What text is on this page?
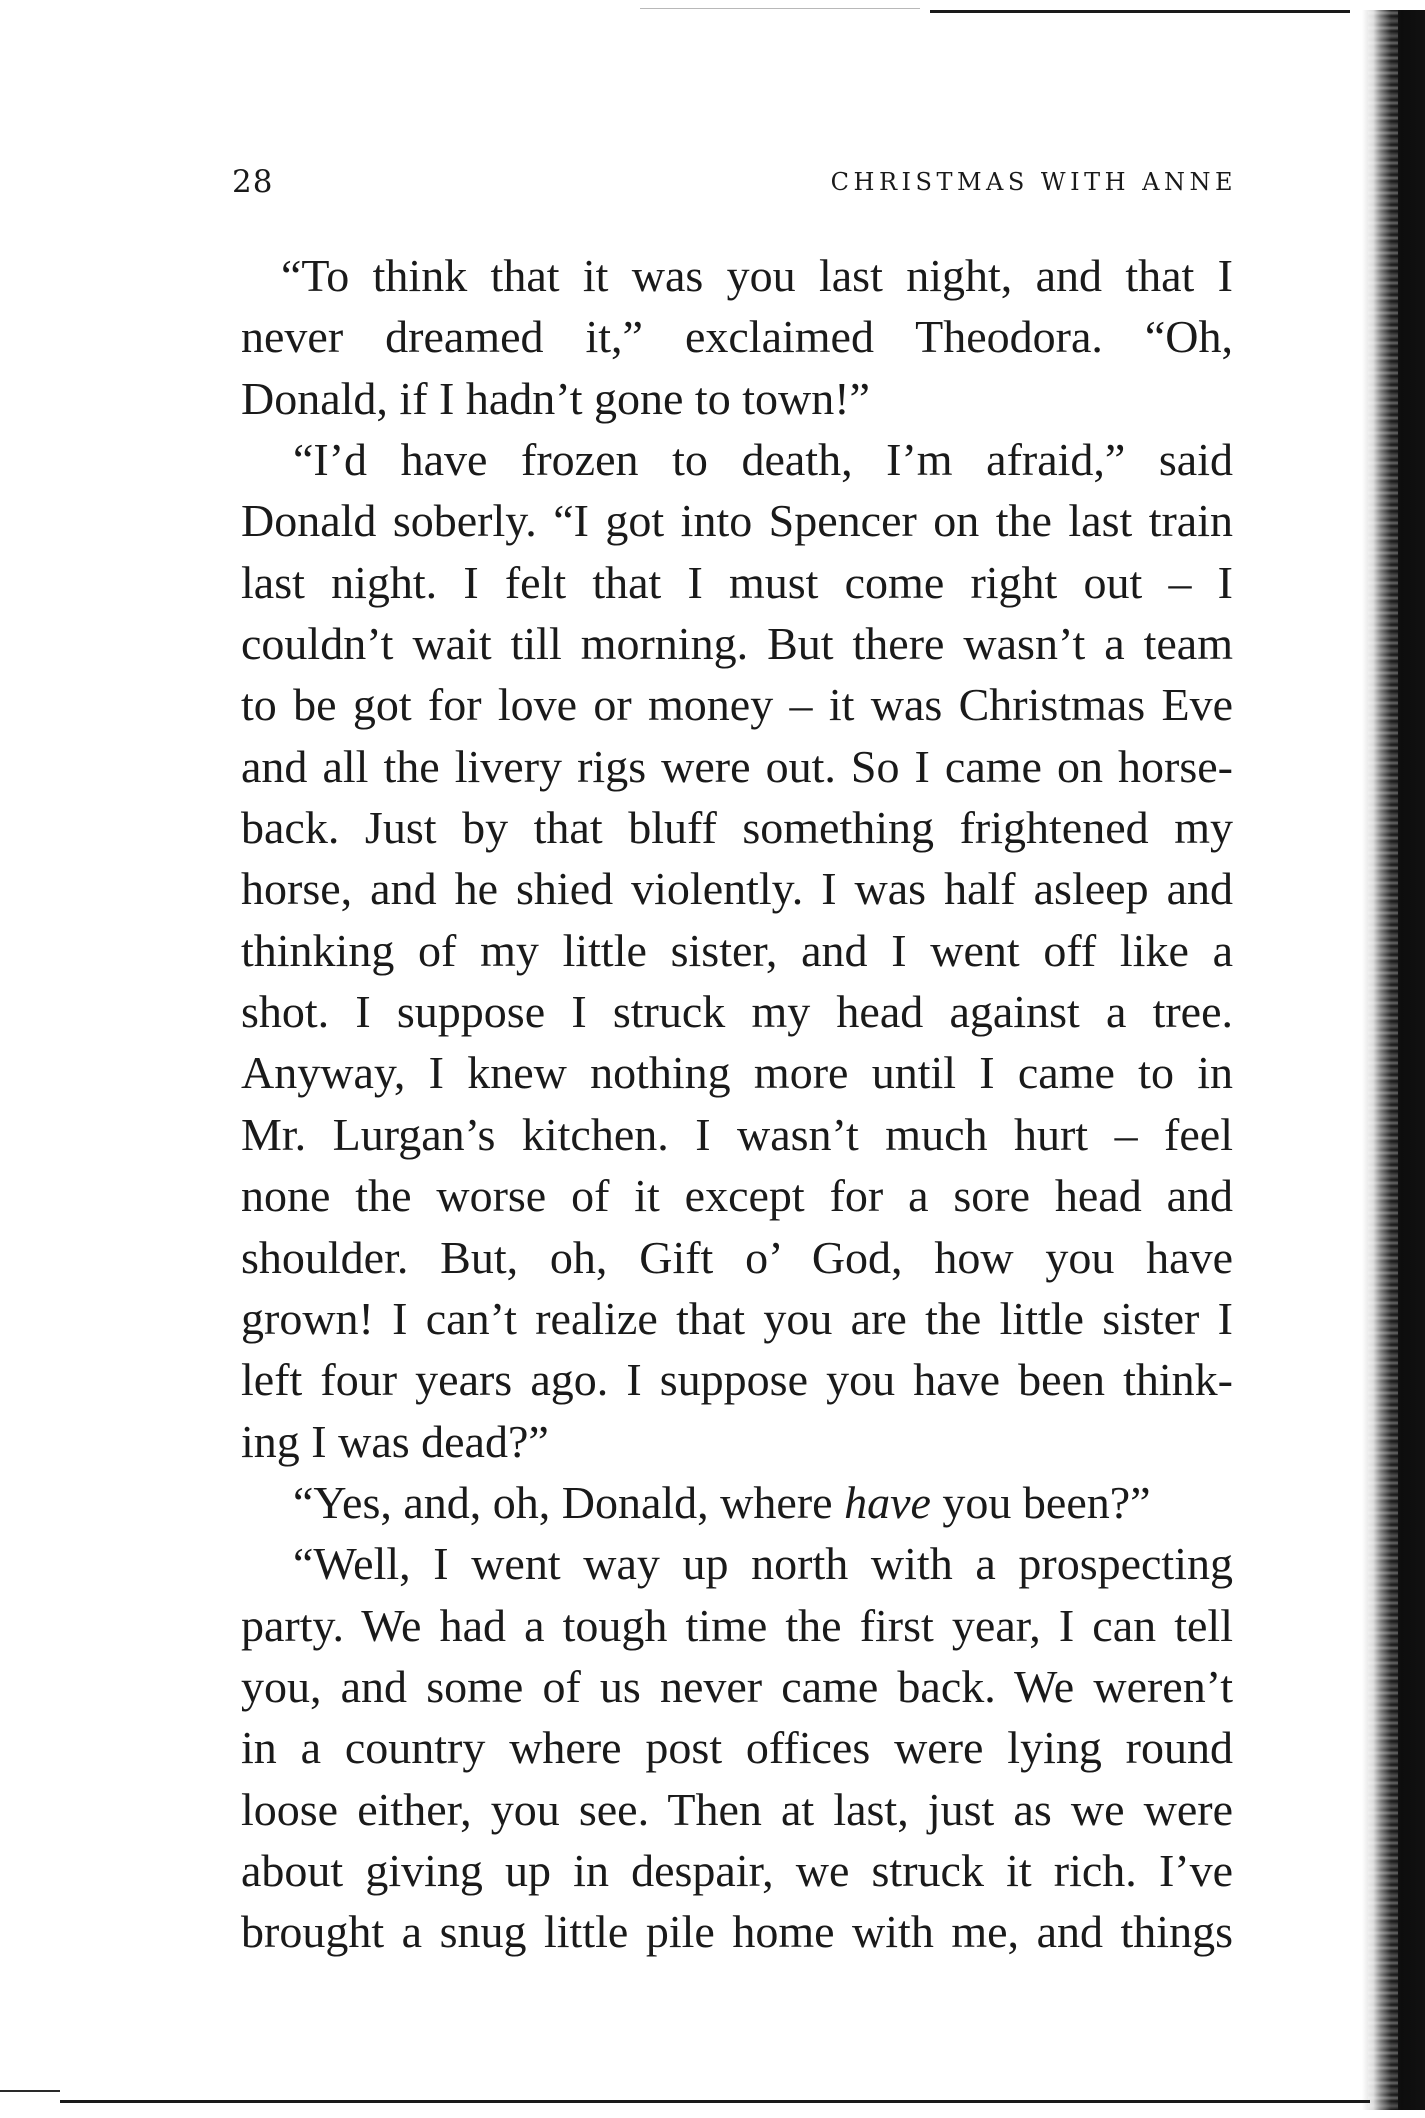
28	CHRISTMAS WITH ANNE
“To think that it was you last night, and that I
never dreamed it,” exclaimed Theodora. “Oh,
Donald, if I hadn’t gone to town!”
“I’d have frozen to death, I’m afraid,” said
Donald soberly. “I got into Spencer on the last train
last night. I felt that I must come right out – I
couldn’t wait till morning. But there wasn’t a team
to be got for love or money – it was Christmas Eve
and all the livery rigs were out. So I came on horse-
back. Just by that bluff something frightened my
horse, and he shied violently. I was half asleep and
thinking of my little sister, and I went off like a
shot. I suppose I struck my head against a tree.
Anyway, I knew nothing more until I came to in
Mr. Lurgan’s kitchen. I wasn’t much hurt – feel
none the worse of it except for a sore head and
shoulder. But, oh, Gift o’ God, how you have
grown! I can’t realize that you are the little sister I
left four years ago. I suppose you have been think-
ing I was dead?”
“Yes, and, oh, Donald, where have you been?”
“Well, I went way up north with a prospecting
party. We had a tough time the first year, I can tell
you, and some of us never came back. We weren’t
in a country where post offices were lying round
loose either, you see. Then at last, just as we were
about giving up in despair, we struck it rich. I’ve
brought a snug little pile home with me, and things
